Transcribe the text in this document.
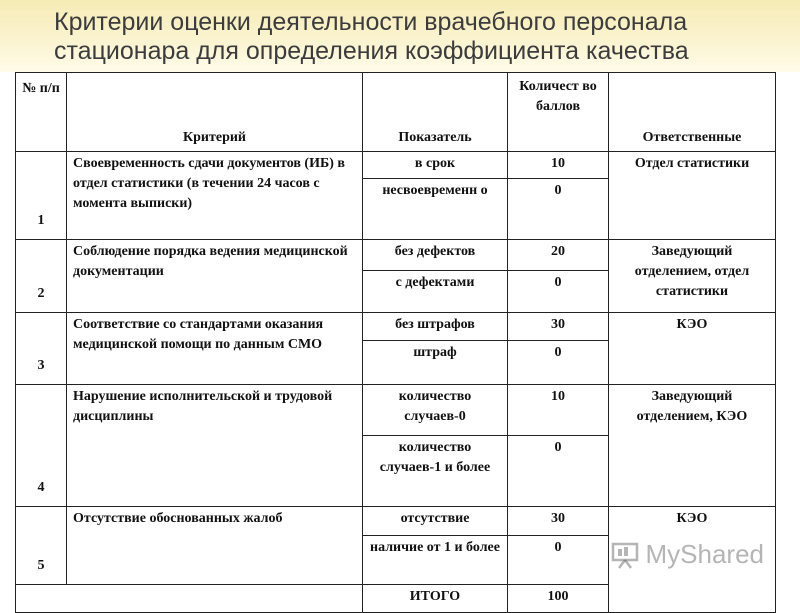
Критерии оценки деятельности врачебного персонала
стационара для определения коэффициента качества
№ п/п	Критерий	Показатель	Количест во баллов	Ответственные
1	Своевременность сдачи документов (ИБ) в отдел статистики (в течении 24 часов с момента выписки)	в срок	10	Отдел статистики
		несвоевременн о	0	
2	Соблюдение порядка ведения медицинской документации	без дефектов	20	Заведующий отделением, отдел статистики
		с дефектами	0	
3	Соответствие со стандартами оказания медицинской помощи по данным СМО	без штрафов	30	КЭО
		штраф	0	
4	Нарушение исполнительской и трудовой дисциплины	количество случаев-0	10	Заведующий отделением, КЭО
		количество случаев-1 и более	0	
5	Отсутствие обоснованных жалоб	отсутствие	30	КЭО
		наличие от 1 и более	0	
		ИТОГО	100	
MyShared
